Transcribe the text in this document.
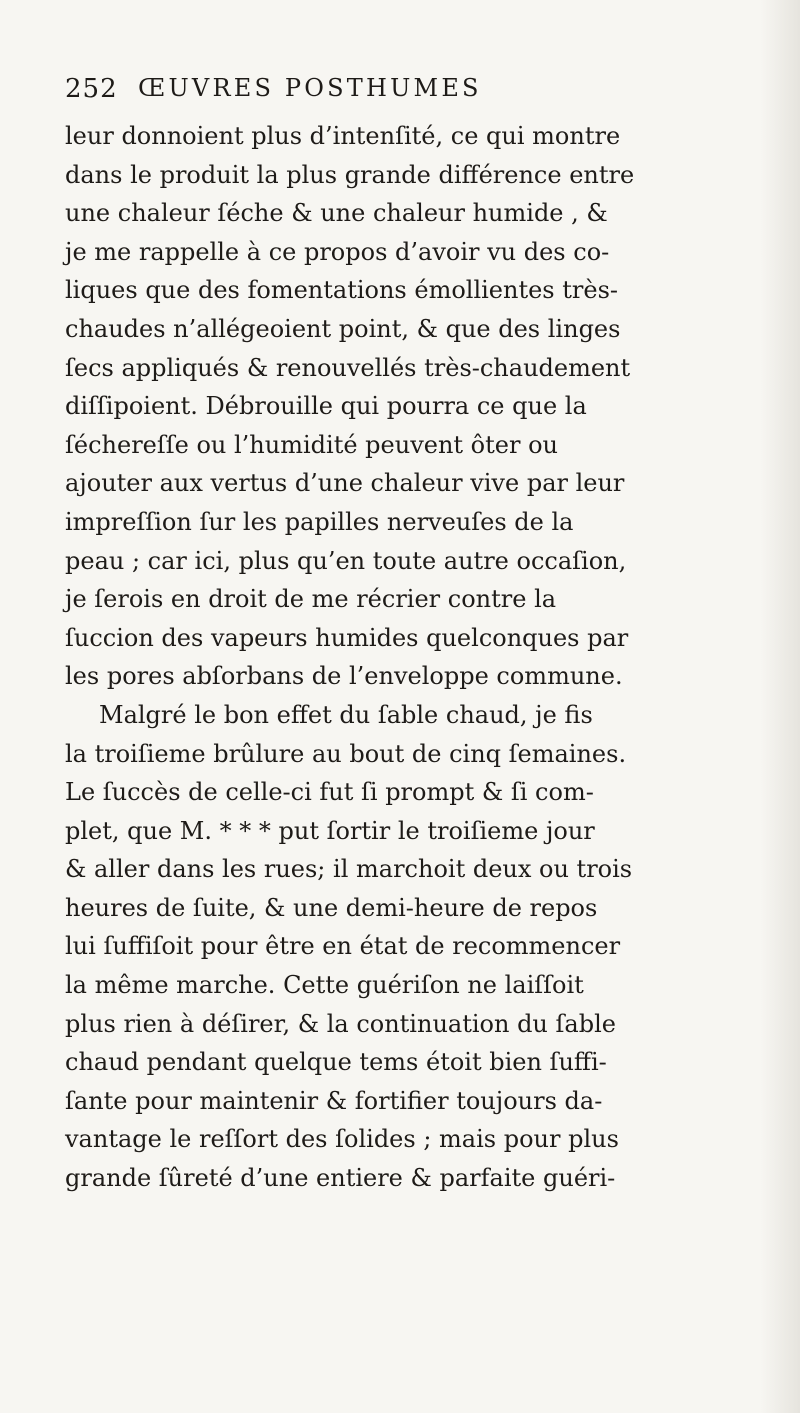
252 ŒUVRES POSTHUMES
leur donnoient plus d’intenſité, ce qui montre
dans le produit la plus grande différence entre
une chaleur ſéche & une chaleur humide , &
je me rappelle à ce propos d’avoir vu des co-
liques que des fomentations émollientes très-
chaudes n’allégeoient point, & que des linges
ſecs appliqués & renouvellés très-chaudement
diſſipoient. Débrouille qui pourra ce que la
ſéchereſſe ou l’humidité peuvent ôter ou
ajouter aux vertus d’une chaleur vive par leur
impreſſion ſur les papilles nerveuſes de la
peau ; car ici, plus qu’en toute autre occaſion,
je ſerois en droit de me récrier contre la
ſuccion des vapeurs humides quelconques par
les pores abſorbans de l’enveloppe commune.
Malgré le bon effet du ſable chaud, je fis
la troiſieme brûlure au bout de cinq ſemaines.
Le ſuccès de celle-ci fut ſi prompt & ſi com-
plet, que M. * * * put ſortir le troiſieme jour
& aller dans les rues; il marchoit deux ou trois
heures de ſuite, & une demi-heure de repos
lui ſuffiſoit pour être en état de recommencer
la même marche. Cette guériſon ne laiſſoit
plus rien à déſirer, & la continuation du ſable
chaud pendant quelque tems étoit bien ſuffi-
ſante pour maintenir & fortifier toujours da-
vantage le reſſort des ſolides ; mais pour plus
grande ſûreté d’une entiere & parfaite guéri-
